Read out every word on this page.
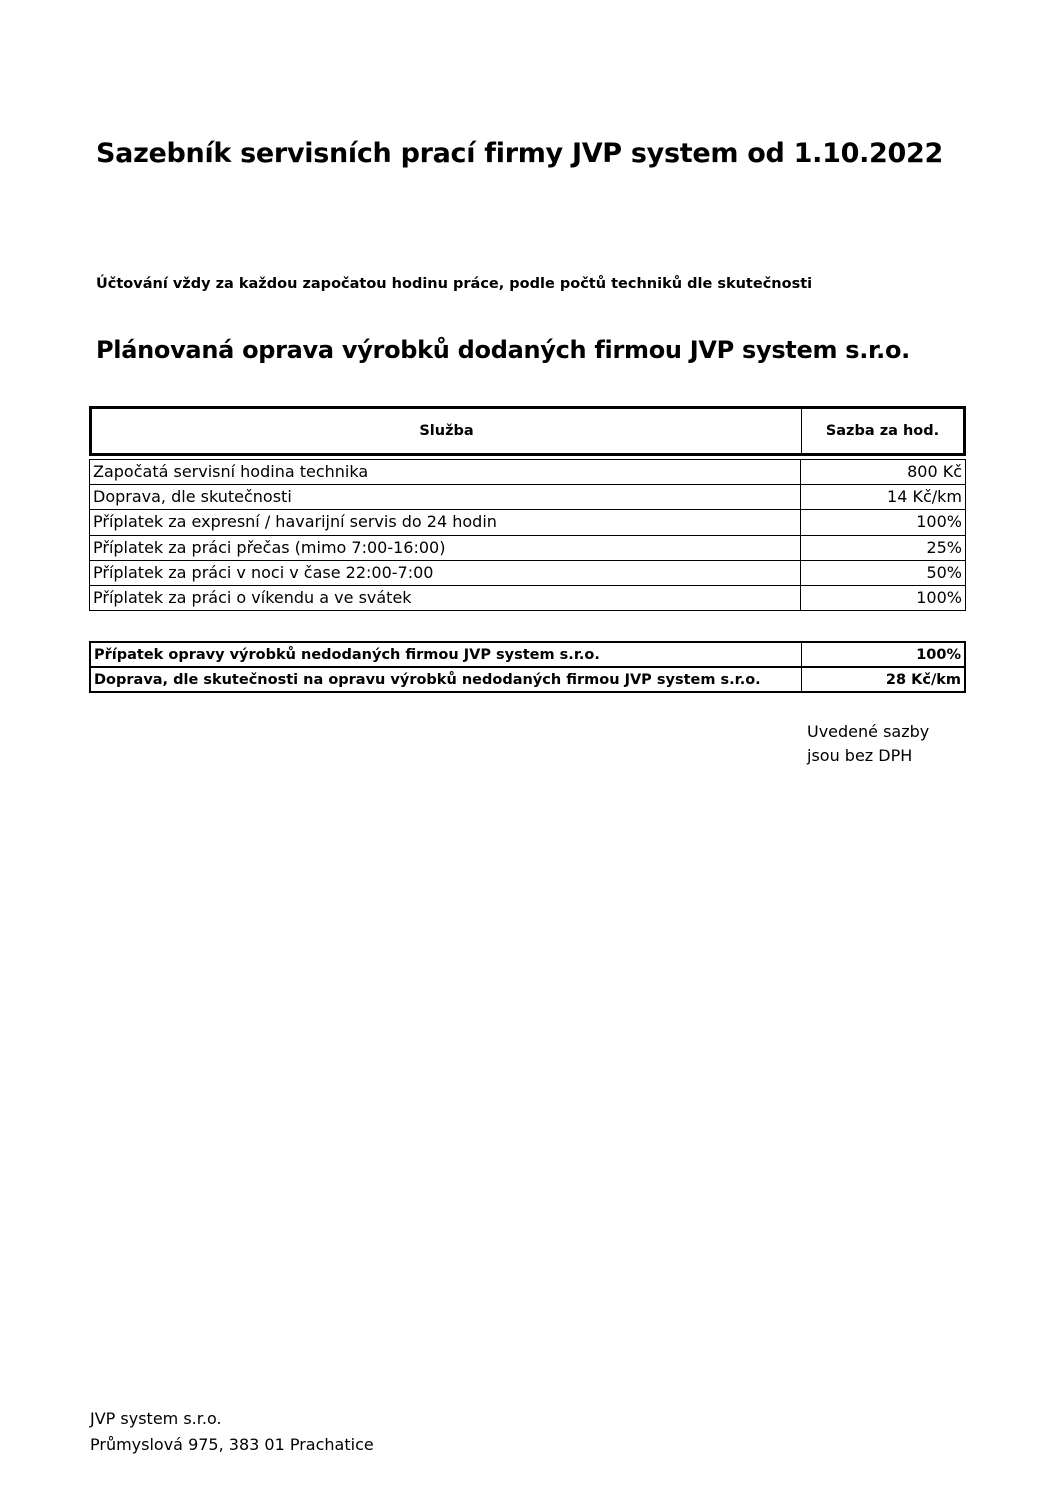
Sazebník servisních prací firmy JVP system od 1.10.2022
Účtování vždy za každou započatou hodinu práce, podle počtů techniků dle skutečnosti
Plánovaná oprava výrobků dodaných firmou JVP system s.r.o.
Služba	Sazba za hod.
Započatá servisní hodina technika	800 Kč
Doprava, dle skutečnosti	14 Kč/km
Příplatek za expresní / havarijní servis do 24 hodin	100%
Příplatek za práci přečas (mimo 7:00-16:00)	25%
Příplatek za práci v noci v čase 22:00-7:00	50%
Příplatek za práci o víkendu a ve svátek	100%
Přípatek opravy výrobků nedodaných firmou JVP system s.r.o.	100%
Doprava, dle skutečnosti na opravu výrobků nedodaných firmou JVP system s.r.o.	28 Kč/km
Uvedené sazby
jsou bez DPH
JVP system s.r.o.
Průmyslová 975, 383 01 Prachatice
